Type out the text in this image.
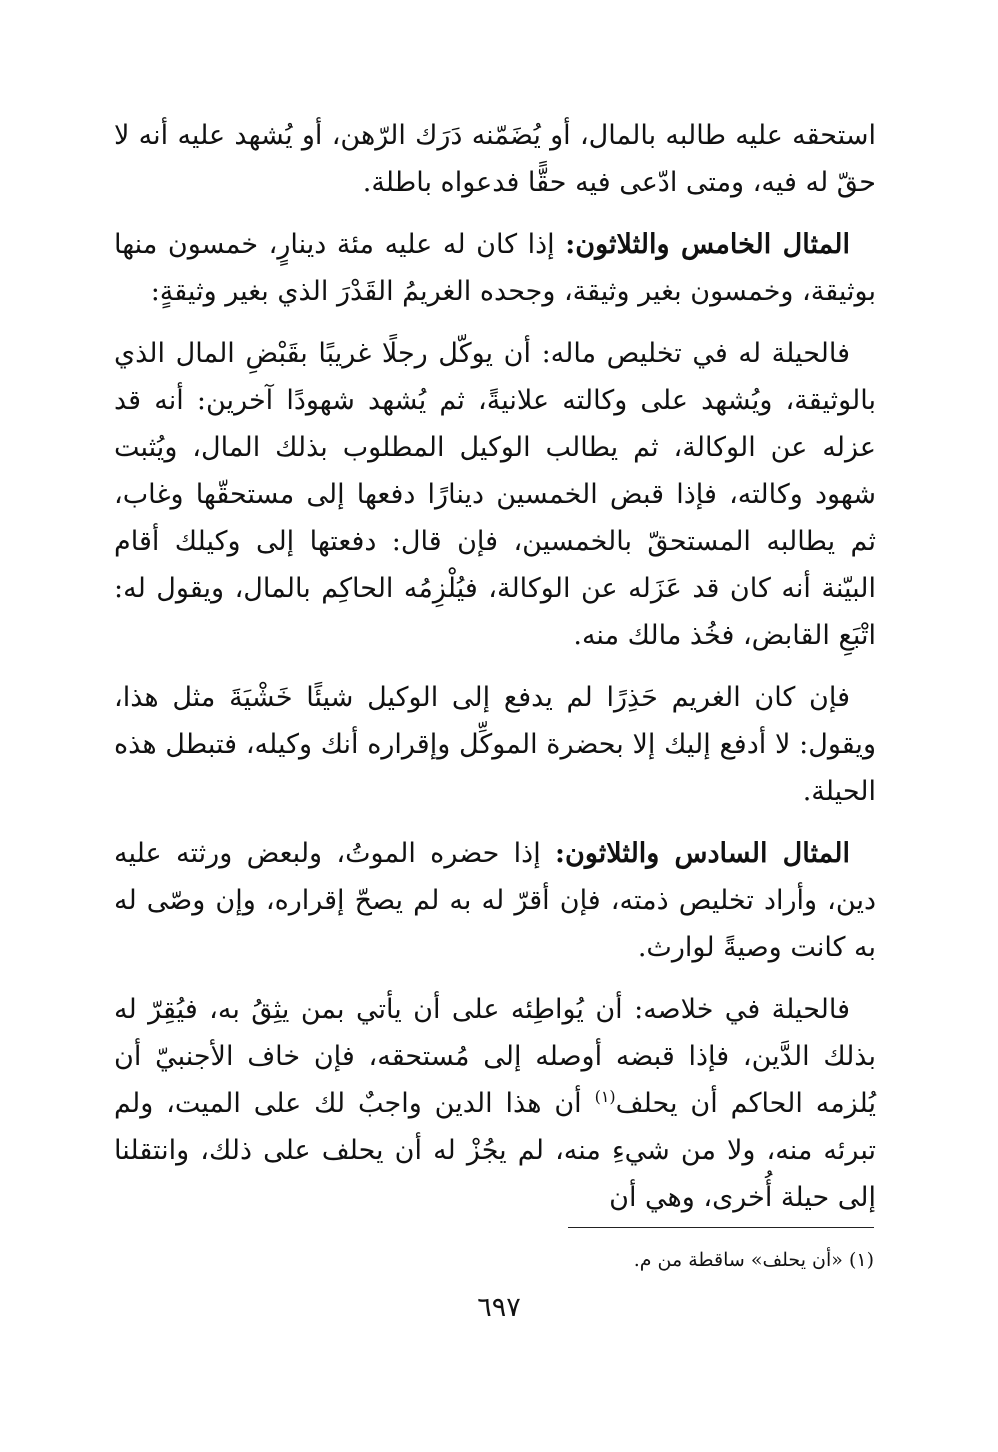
استحقه عليه طالبه بالمال، أو يُضَمّنه دَرَك الرّهن، أو يُشهد عليه أنه لا حقّ له فيه، ومتى ادّعى فيه حقًّا فدعواه باطلة.

المثال الخامس والثلاثون: إذا كان له عليه مئة دينارٍ، خمسون منها بوثيقة، وخمسون بغير وثيقة، وجحده الغريمُ القَدْرَ الذي بغير وثيقةٍ:

فالحيلة له في تخليص ماله: أن يوكّل رجلًا غريبًا بقَبْضِ المال الذي بالوثيقة، ويُشهد على وكالته علانيةً، ثم يُشهد شهودًا آخرين: أنه قد عزله عن الوكالة، ثم يطالب الوكيل المطلوب بذلك المال، ويُثبت شهود وكالته، فإذا قبض الخمسين دينارًا دفعها إلى مستحقّها وغاب، ثم يطالبه المستحقّ بالخمسين، فإن قال: دفعتها إلى وكيلك أقام البيّنة أنه كان قد عَزَله عن الوكالة، فيُلْزِمُه الحاكِم بالمال، ويقول له: اتْبَعِ القابض، فخُذ مالك منه.

فإن كان الغريم حَذِرًا لم يدفع إلى الوكيل شيئًا خَشْيَةَ مثل هذا، ويقول: لا أدفع إليك إلا بحضرة الموكِّل وإقراره أنك وكيله، فتبطل هذه الحيلة.

المثال السادس والثلاثون: إذا حضره الموتُ، ولبعض ورثته عليه دين، وأراد تخليص ذمته، فإن أقرّ له به لم يصحّ إقراره، وإن وصّى له به كانت وصيةً لوارث.

فالحيلة في خلاصه: أن يُواطِئه على أن يأتي بمن يثِقُ به، فيُقِرّ له بذلك الدَّين، فإذا قبضه أوصله إلى مُستحقه، فإن خاف الأجنبيّ أن يُلزمه الحاكم أن يحلف$^{(١)}$ أن هذا الدين واجبٌ لك على الميت، ولم تبرئه منه، ولا من شيءِ منه، لم يجُزْ له أن يحلف على ذلك، وانتقلنا إلى حيلة أُخرى، وهي أن

(١) «أن يحلف» ساقطة من م.
٦٩٧
